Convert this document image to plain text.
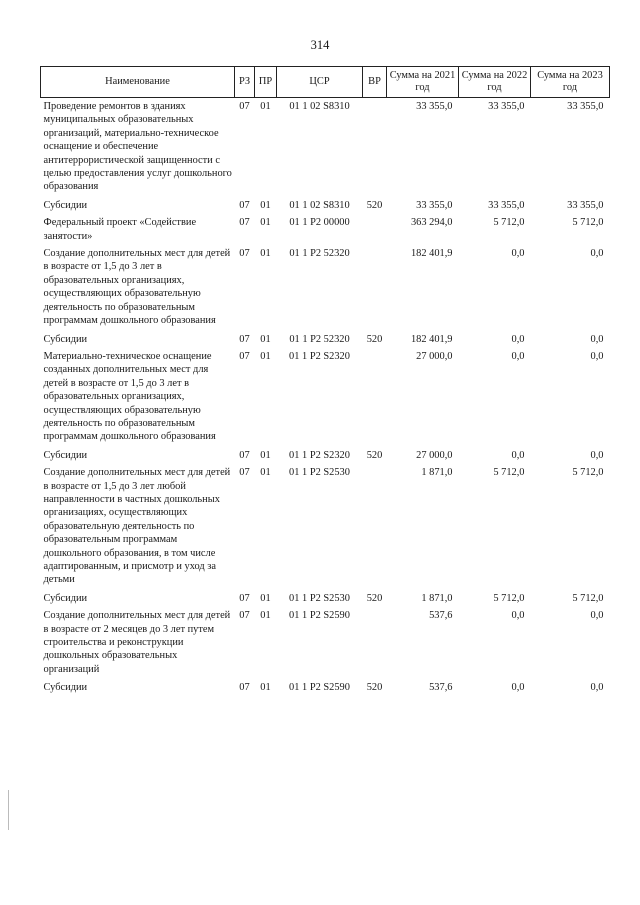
314
Наименование	РЗ	ПР	ЦСР	ВР	Сумма на 2021 год	Сумма на 2022 год	Сумма на 2023 год
Проведение ремонтов в зданиях муниципальных образовательных организаций, материально-техническое оснащение и обеспечение антитеррористической защищенности с целью предоставления услуг дошкольного образования	07	01	01 1 02 S8310		33 355,0	33 355,0	33 355,0
Субсидии	07	01	01 1 02 S8310	520	33 355,0	33 355,0	33 355,0
Федеральный проект «Содействие занятости»	07	01	01 1 P2 00000		363 294,0	5 712,0	5 712,0
Создание дополнительных мест для детей в возрасте от 1,5 до 3 лет в образовательных организациях, осуществляющих образовательную деятельность по образовательным программам дошкольного образования	07	01	01 1 P2 52320		182 401,9	0,0	0,0
Субсидии	07	01	01 1 P2 52320	520	182 401,9	0,0	0,0
Материально-техническое оснащение созданных дополнительных мест для детей в возрасте от 1,5 до 3 лет в образовательных организациях, осуществляющих образовательную деятельность по образовательным программам дошкольного образования	07	01	01 1 P2 S2320		27 000,0	0,0	0,0
Субсидии	07	01	01 1 P2 S2320	520	27 000,0	0,0	0,0
Создание дополнительных мест для детей в возрасте от 1,5 до 3 лет любой направленности в частных дошкольных организациях, осуществляющих образовательную деятельность по образовательным программам дошкольного образования, в том числе адаптированным, и присмотр и уход за детьми	07	01	01 1 P2 S2530		1 871,0	5 712,0	5 712,0
Субсидии	07	01	01 1 P2 S2530	520	1 871,0	5 712,0	5 712,0
Создание дополнительных мест для детей в возрасте от 2 месяцев до 3 лет путем строительства и реконструкции дошкольных образовательных организаций	07	01	01 1 P2 S2590		537,6	0,0	0,0
Субсидии	07	01	01 1 P2 S2590	520	537,6	0,0	0,0
